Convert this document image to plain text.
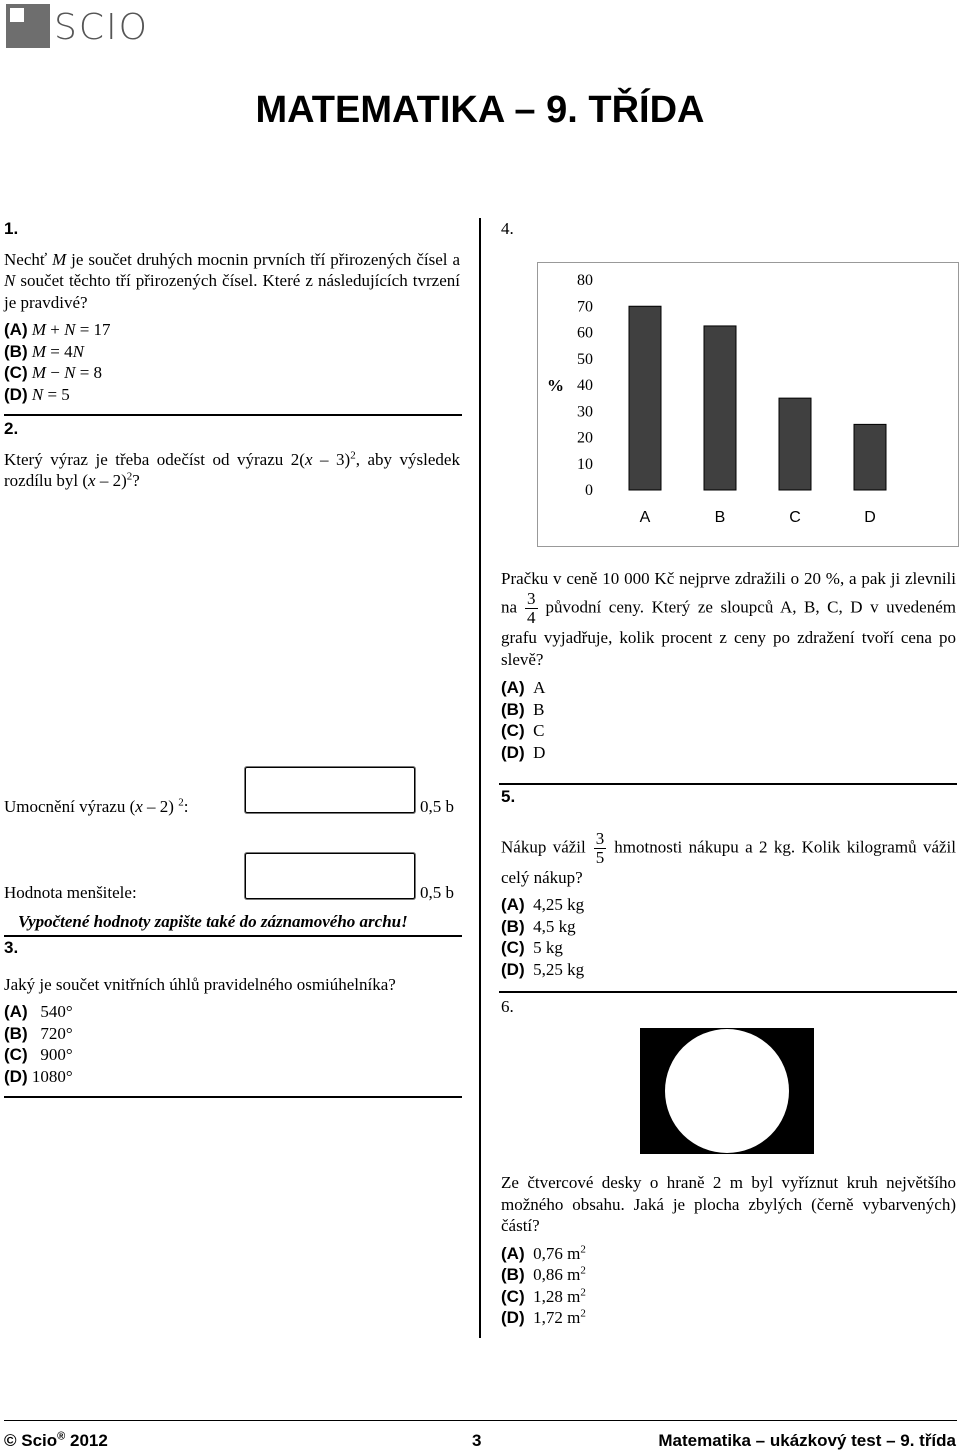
SCIO
MATEMATIKA – 9. TŘÍDA
1.
Nechť M je součet druhých mocnin prvních tří přirozených čísel a N součet těchto tří přirozených čísel. Které z následujících tvrzení je pravdivé?
(A) M + N = 17
(B) M = 4N
(C) M − N = 8
(D) N = 5
2.
Který výraz je třeba odečíst od výrazu 2(x – 3)$^2$, aby výsledek rozdílu byl (x – 2)$^2$?
Umocnění výrazu (x – 2) $^2$:	0,5 b
Hodnota menšitele:	0,5 b
Vypočtené hodnoty zapište také do záznamového archu!
3.
Jaký je součet vnitřních úhlů pravidelného osmiúhelníka?
(A) 540°
(B) 720°
(C) 900°
(D) 1080°
4.
0
10
20
30
40
50
60
70
80
%
A	B	C	D
Pračku v ceně 10 000 Kč nejprve zdražili o 20 %, a pak ji zlevnili na $\frac{3}{4}$ původní ceny. Který ze sloupců A, B, C, D v uvedeném grafu vyjadřuje, kolik procent z ceny po zdražení tvoří cena po slevě?
(A) A
(B) B
(C) C
(D) D
5.
Nákup vážil $\frac{3}{5}$ hmotnosti nákupu a 2 kg. Kolik kilogramů vážil celý nákup?
(A) 4,25 kg
(B) 4,5 kg
(C) 5 kg
(D) 5,25 kg
6.
Ze čtvercové desky o hraně 2 m byl vyříznut kruh největšího možného obsahu. Jaká je plocha zbylých (černě vybarvených) částí?
(A) 0,76 $m^2$
(B) 0,86 $m^2$
(C) 1,28 $m^2$
(D) 1,72 $m^2$
© Scio® 2012	3	Matematika – ukázkový test – 9. třída
